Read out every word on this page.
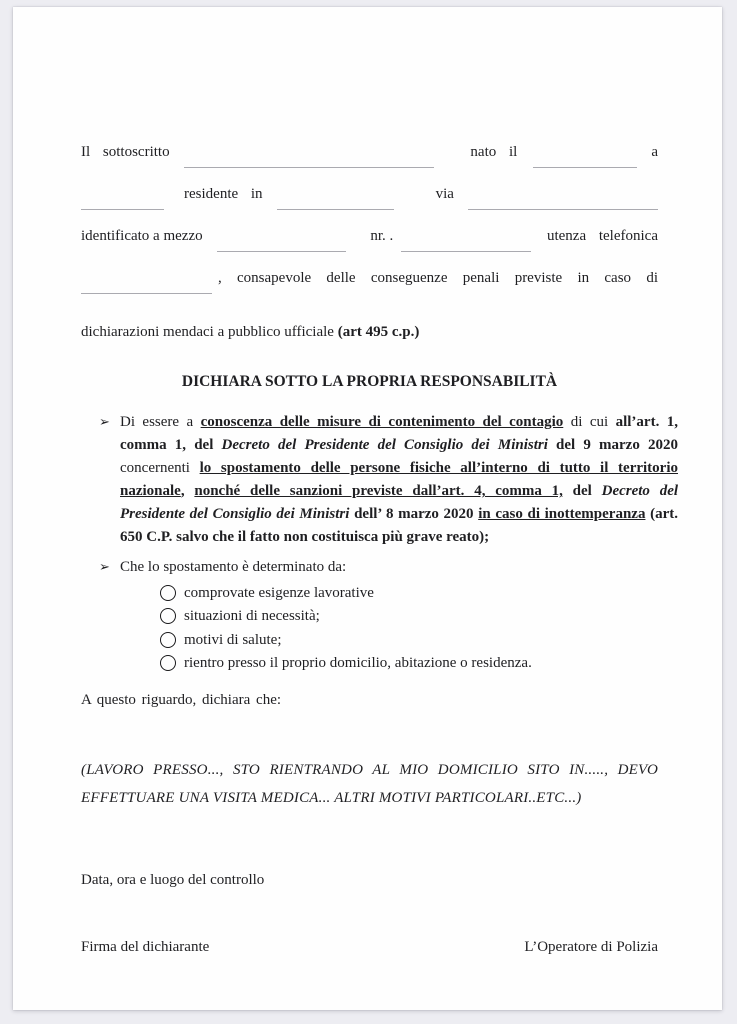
Il sottoscritto	nato il	a
residente in	via
identificato a mezzo	nr. .	utenza telefonica
, consapevole delle conseguenze penali previste in caso di
dichiarazioni mendaci a pubblico ufficiale (art 495 c.p.)
DICHIARA SOTTO LA PROPRIA RESPONSABILITÀ
➢ Di essere a conoscenza delle misure di contenimento del contagio di cui all’art. 1, comma 1, del Decreto del Presidente del Consiglio dei Ministri del 9 marzo 2020 concernenti lo spostamento delle persone fisiche all’interno di tutto il territorio nazionale, nonché delle sanzioni previste dall’art. 4, comma 1, del Decreto del Presidente del Consiglio dei Ministri dell’ 8 marzo 2020 in caso di inottemperanza (art. 650 C.P. salvo che il fatto non costituisca più grave reato);
➢ Che lo spostamento è determinato da:
comprovate esigenze lavorative
situazioni di necessità;
motivi di salute;
rientro presso il proprio domicilio, abitazione o residenza.
A questo riguardo, dichiara che:
(LAVORO PRESSO..., STO RIENTRANDO AL MIO DOMICILIO SITO IN....., DEVO EFFETTUARE UNA VISITA MEDICA... ALTRI MOTIVI PARTICOLARI..ETC...)
Data, ora e luogo del controllo
Firma del dichiarante	L’Operatore di Polizia
